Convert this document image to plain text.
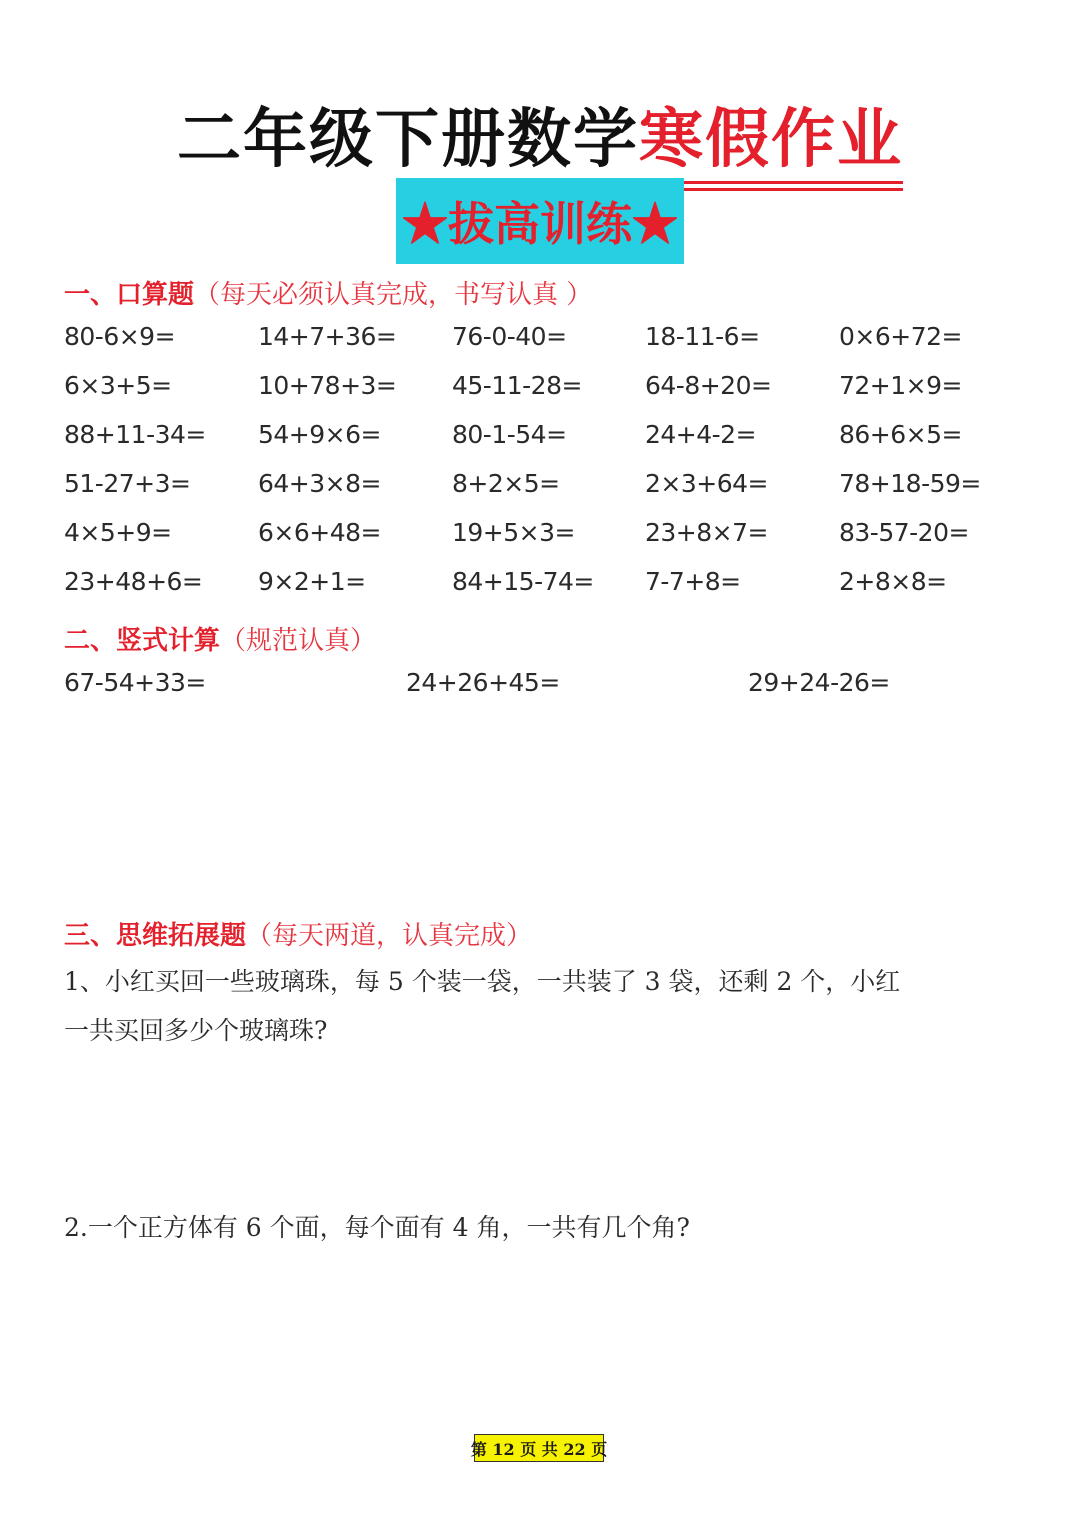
二年级下册数学寒假作业
★拔高训练★
一、口算题（每天必须认真完成，书写认真 ）
80-6×9=	14+7+36= 76-0-40=	18-11-6=	0×6+72=
6×3+5=	10+78+3= 45-11-28=	64-8+20=	72+1×9=
88+11-34= 54+9×6=	80-1-54=	24+4-2=	86+6×5=
51-27+3=	64+3×8=	8+2×5=	2×3+64=	78+18-59=
4×5+9=	6×6+48=	19+5×3=	23+8×7=	83-57-20=
23+48+6= 9×2+1=	84+15-74= 7-7+8=	2+8×8=
二、竖式计算（规范认真）
67-54+33=	24+26+45=	29+24-26=
三、思维拓展题（每天两道，认真完成）
1、小红买回一些玻璃珠，每 5 个装一袋，一共装了 3 袋，还剩 2 个，小红
一共买回多少个玻璃珠?
2.一个正方体有 6 个面，每个面有 4 角，一共有几个角?
第 12 页 共 22 页
